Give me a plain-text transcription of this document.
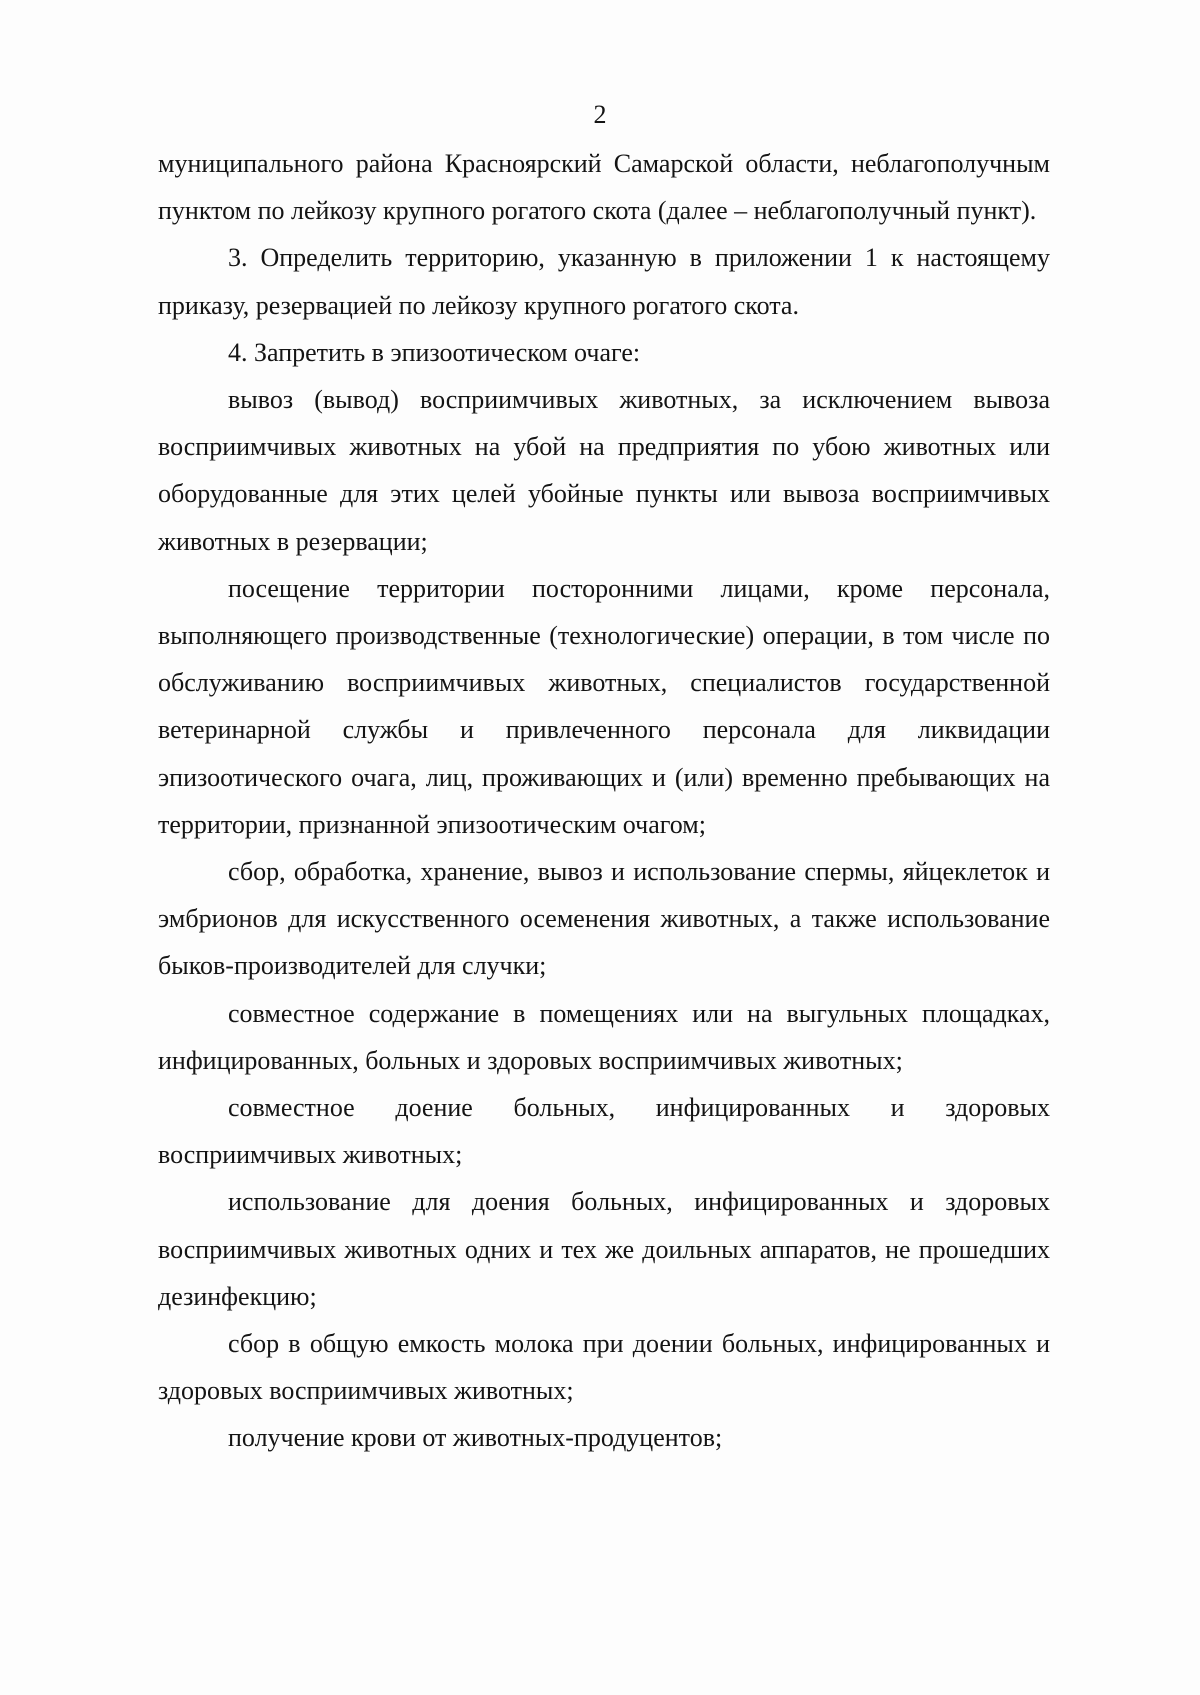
2

муниципального района Красноярский Самарской области, неблагополучным пунктом по лейкозу крупного рогатого скота (далее – неблагополучный пункт).

3. Определить территорию, указанную в приложении 1 к настоящему приказу, резервацией по лейкозу крупного рогатого скота.

4. Запретить в эпизоотическом очаге:

вывоз (вывод) восприимчивых животных, за исключением вывоза восприимчивых животных на убой на предприятия по убою животных или оборудованные для этих целей убойные пункты или вывоза восприимчивых животных в резервации;

посещение территории посторонними лицами, кроме персонала, выполняющего производственные (технологические) операции, в том числе по обслуживанию восприимчивых животных, специалистов государственной ветеринарной службы и привлеченного персонала для ликвидации эпизоотического очага, лиц, проживающих и (или) временно пребывающих на территории, признанной эпизоотическим очагом;

сбор, обработка, хранение, вывоз и использование спермы, яйцеклеток и эмбрионов для искусственного осеменения животных, а также использование быков-производителей для случки;

совместное содержание в помещениях или на выгульных площадках, инфицированных, больных и здоровых восприимчивых животных;

совместное доение больных, инфицированных и здоровых восприимчивых животных;

использование для доения больных, инфицированных и здоровых восприимчивых животных одних и тех же доильных аппаратов, не прошедших дезинфекцию;

сбор в общую емкость молока при доении больных, инфицированных и здоровых восприимчивых животных;

получение крови от животных-продуцентов;
